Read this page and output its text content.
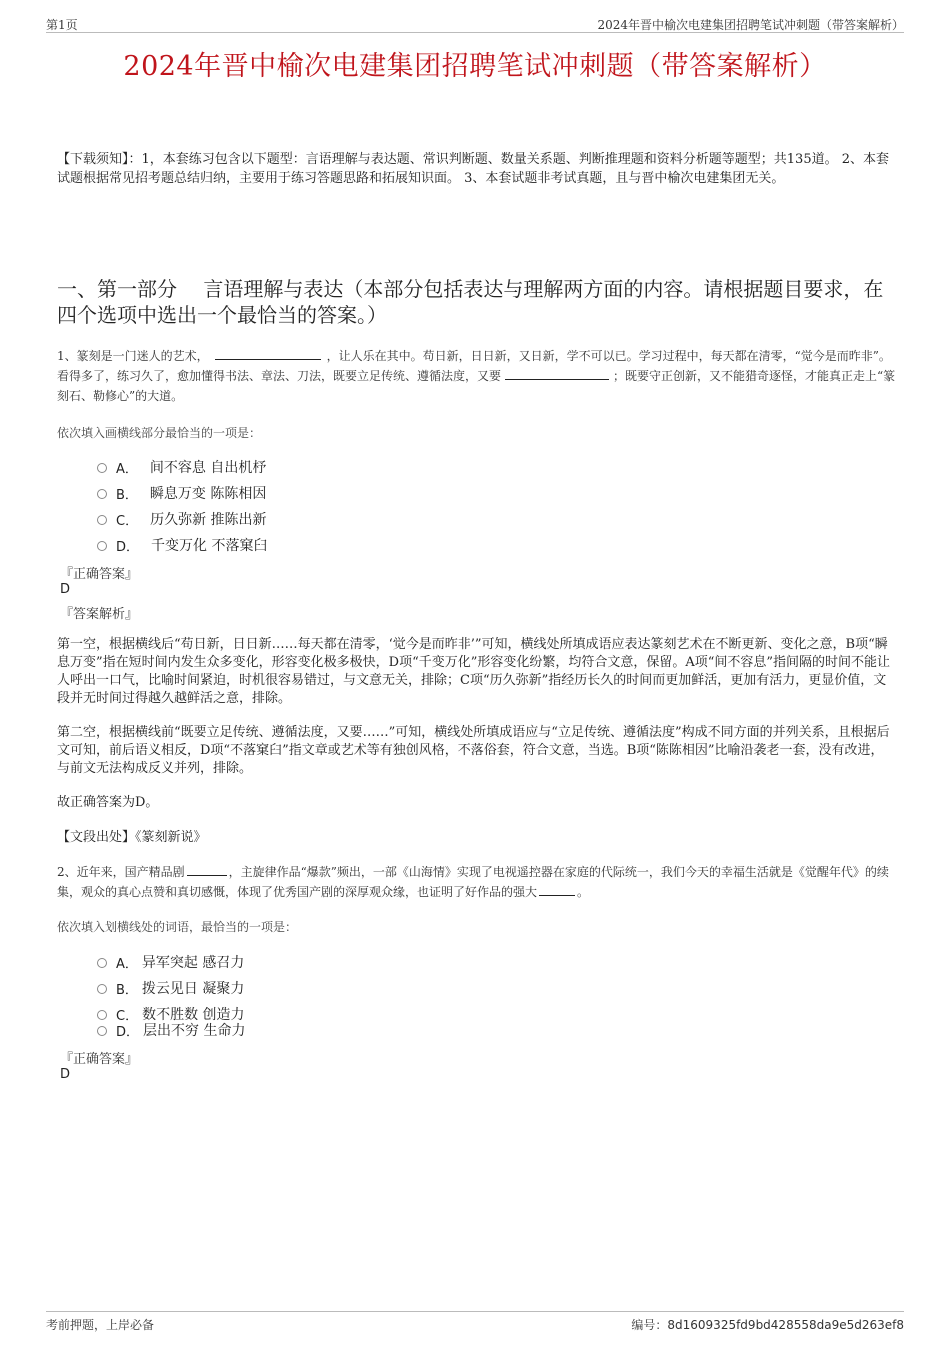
第1页	2024年晋中榆次电建集团招聘笔试冲刺题（带答案解析）
2024年晋中榆次电建集团招聘笔试冲刺题（带答案解析）
【下载须知】：1，本套练习包含以下题型：言语理解与表达题、常识判断题、数量关系题、判断推理题和资料分析题等题型；共135道。 2、本套试题根据常见招考题总结归纳，主要用于练习答题思路和拓展知识面。 3、本套试题非考试真题，且与晋中榆次电建集团无关。
一、第一部分　 言语理解与表达（本部分包括表达与理解两方面的内容。请根据题目要求，在四个选项中选出一个最恰当的答案。）
1、篆刻是一门迷人的艺术，	，让人乐在其中。苟日新，日日新，又日新，学不可以已。学习过程中，每天都在清零，“觉今是而昨非”。看得多了，练习久了，愈加懂得书法、章法、刀法，既要立足传统、遵循法度，又要	；既要守正创新，又不能猎奇逐怪，才能真正走上“篆刻石、勒修心”的大道。
依次填入画横线部分最恰当的一项是：
A． 间不容息 自出机杼
B． 瞬息万变 陈陈相因
C． 历久弥新 推陈出新
D． 千变万化 不落窠臼
『正确答案』
D
『答案解析』
第一空，根据横线后“苟日新，日日新……每天都在清零，‘觉今是而昨非’”可知，横线处所填成语应表达篆刻艺术在不断更新、变化之意，B项“瞬息万变”指在短时间内发生众多变化，形容变化极多极快，D项“千变万化”形容变化纷繁，均符合文意，保留。A项“间不容息”指间隔的时间不能让人呼出一口气，比喻时间紧迫，时机很容易错过，与文意无关，排除；C项“历久弥新”指经历长久的时间而更加鲜活，更加有活力，更显价值，文段并无时间过得越久越鲜活之意，排除。
第二空，根据横线前“既要立足传统、遵循法度，又要……”可知，横线处所填成语应与“立足传统、遵循法度”构成不同方面的并列关系，且根据后文可知，前后语义相反，D项“不落窠臼”指文章或艺术等有独创风格，不落俗套，符合文意，当选。B项“陈陈相因”比喻沿袭老一套，没有改进，与前文无法构成反义并列，排除。
故正确答案为D。
【文段出处】《篆刻新说》
2、近年来，国产精品剧	，主旋律作品“爆款”频出，一部《山海情》实现了电视遥控器在家庭的代际统一，我们今天的幸福生活就是《觉醒年代》的续集，观众的真心点赞和真切感慨，体现了优秀国产剧的深厚观众缘，也证明了好作品的强大	。
依次填入划横线处的词语，最恰当的一项是：
A． 异军突起 感召力
B． 拨云见日 凝聚力
C． 数不胜数 创造力
D． 层出不穷 生命力
『正确答案』
D
考前押题，上岸必备	编号：8d1609325fd9bd428558da9e5d263ef8
